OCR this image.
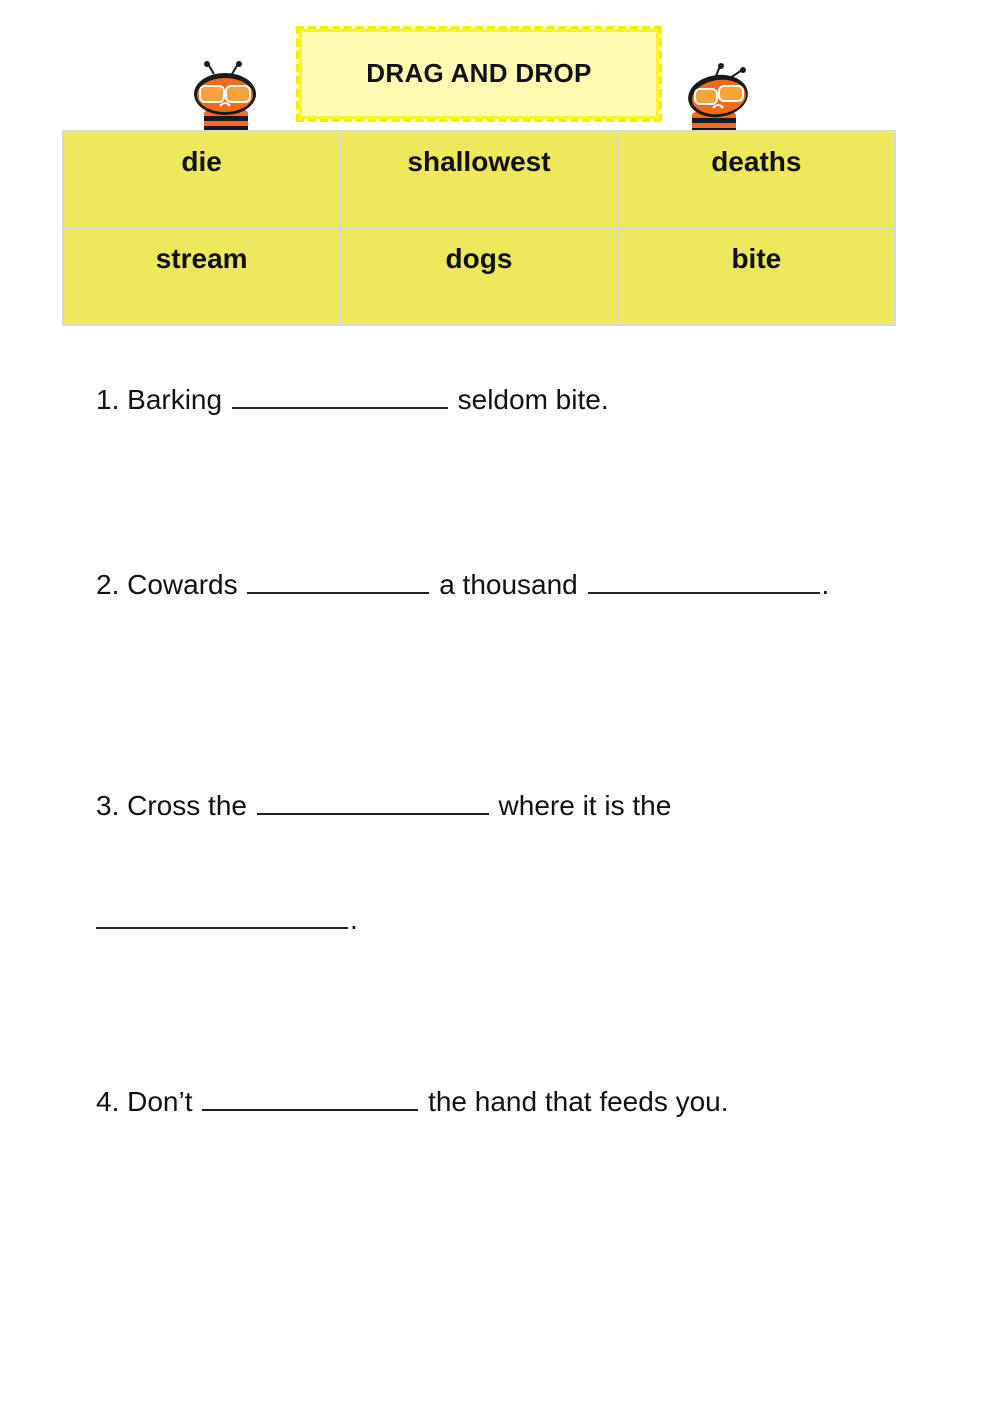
DRAG AND DROP
die	shallowest	deaths
stream	dogs	bite

1. Barking	seldom bite.

2. Cowards	a thousand	.

3. Cross the	where it is the

.

4. Don’t	the hand that feeds you.
